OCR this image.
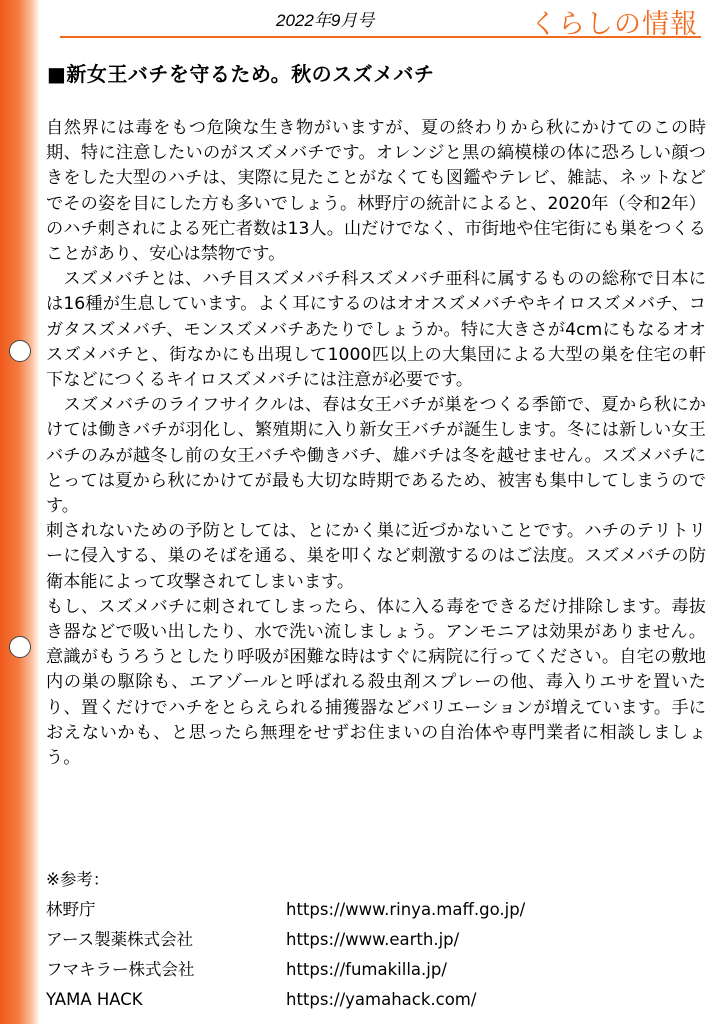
2022年9月号	くらしの情報
■新女王バチを守るため。秋のスズメバチ

自然界には毒をもつ危険な生き物がいますが、夏の終わりから秋にかけてのこの時期、特に注意したいのがスズメバチです。オレンジと黒の縞模様の体に恐ろしい顔つきをした大型のハチは、実際に見たことがなくても図鑑やテレビ、雑誌、ネットなどでその姿を目にした方も多いでしょう。林野庁の統計によると、2020年（令和2年）のハチ刺されによる死亡者数は13人。山だけでなく、市街地や住宅街にも巣をつくることがあり、安心は禁物です。

　スズメバチとは、ハチ目スズメバチ科スズメバチ亜科に属するものの総称で日本には16種が生息しています。よく耳にするのはオオスズメバチやキイロスズメバチ、コガタスズメバチ、モンスズメバチあたりでしょうか。特に大きさが4cmにもなるオオスズメバチと、街なかにも出現して1000匹以上の大集団による大型の巣を住宅の軒下などにつくるキイロスズメバチには注意が必要です。

　スズメバチのライフサイクルは、春は女王バチが巣をつくる季節で、夏から秋にかけては働きバチが羽化し、繁殖期に入り新女王バチが誕生します。冬には新しい女王バチのみが越冬し前の女王バチや働きバチ、雄バチは冬を越せません。スズメバチにとっては夏から秋にかけてが最も大切な時期であるため、被害も集中してしまうのです。

刺されないための予防としては、とにかく巣に近づかないことです。ハチのテリトリーに侵入する、巣のそばを通る、巣を叩くなど刺激するのはご法度。スズメバチの防衛本能によって攻撃されてしまいます。

もし、スズメバチに刺されてしまったら、体に入る毒をできるだけ排除します。毒抜き器などで吸い出したり、水で洗い流しましょう。アンモニアは効果がありません。意識がもうろうとしたり呼吸が困難な時はすぐに病院に行ってください。自宅の敷地内の巣の駆除も、エアゾールと呼ばれる殺虫剤スプレーの他、毒入りエサを置いたり、置くだけでハチをとらえられる捕獲器などバリエーションが増えています。手におえないかも、と思ったら無理をせずお住まいの自治体や専門業者に相談しましょう。

※参考：
林野庁	https://www.rinya.maff.go.jp/
アース製薬株式会社	https://www.earth.jp/
フマキラー株式会社	https://fumakilla.jp/
YAMA HACK	https://yamahack.com/
